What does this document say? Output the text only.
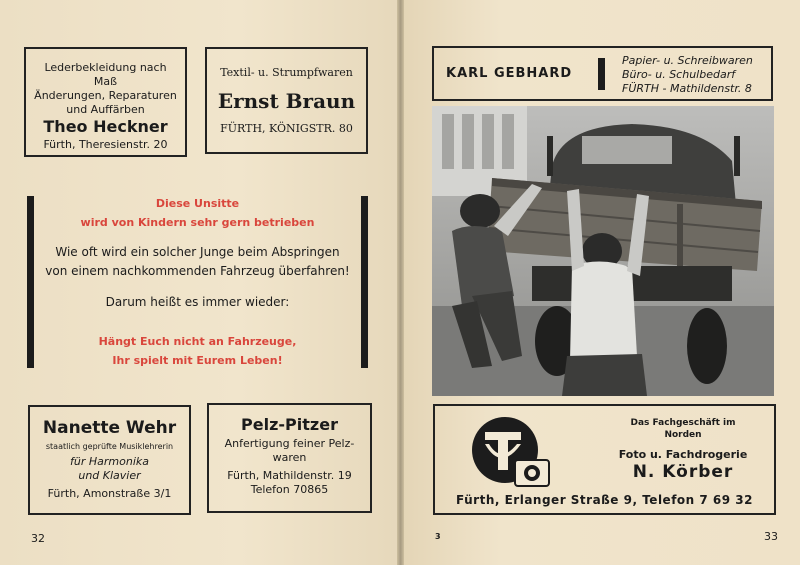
Lederbekleidung nach
Maß
Änderungen, Reparaturen
und Auffärben
Theo Heckner
Fürth, Theresienstr. 20
Textil- u. Strumpfwaren
Ernst Braun
FÜRTH, KÖNIGSTR. 80
Diese Unsitte
wird von Kindern sehr gern betrieben
Wie oft wird ein solcher Junge beim Abspringen
von einem nachkommenden Fahrzeug überfahren!
Darum heißt es immer wieder:
Hängt Euch nicht an Fahrzeuge,
Ihr spielt mit Eurem Leben!
Nanette Wehr
staatlich geprüfte Musiklehrerin
für Harmonika
und Klavier
Fürth, Amonstraße 3/1
Pelz-Pitzer
Anfertigung feiner Pelz-
waren
Fürth, Mathildenstr. 19
Telefon 70865
32
KARL GEBHARD
Papier- u. Schreibwaren
Büro- u. Schulbedarf
FÜRTH - Mathildenstr. 8
Das Fachgeschäft im
Norden
Foto u. Fachdrogerie
N. Körber
Fürth, Erlanger Straße 9, Telefon 7 69 32
3	33
